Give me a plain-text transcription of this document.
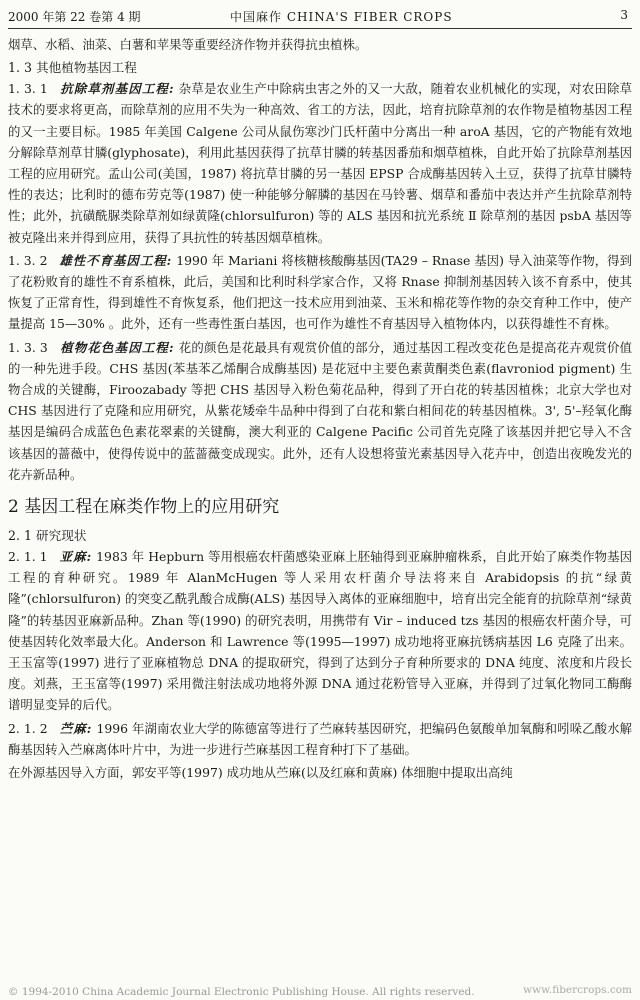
2000 年第 22 卷第 4 期	中国麻作 CHINA'S FIBER CROPS	3

烟草、水稻、油菜、白薯和苹果等重要经济作物并获得抗虫植株。

1. 3 其他植物基因工程

1. 3. 1 抗除草剂基因工程: 杂草是农业生产中除病虫害之外的又一大敌，随着农业机械化的实现，对农田除草技术的要求将更高，而除草剂的应用不失为一种高效、省工的方法，因此，培育抗除草剂的农作物是植物基因工程的又一主要目标。1985 年美国 Calgene 公司从鼠伤寒沙门氏杆菌中分离出一种 aroA 基因，它的产物能有效地分解除草剂草甘膦(glyphosate)，利用此基因获得了抗草甘膦的转基因番茄和烟草植株，自此开始了抗除草剂基因工程的应用研究。孟山公司(美国，1987) 将抗草甘膦的另一基因 EPSP 合成酶基因转入土豆，获得了抗草甘膦特性的表达；比利时的德布劳克等(1987) 使一种能够分解膦的基因在马铃薯、烟草和番茄中表达并产生抗除草剂特性；此外，抗磺酰脲类除草剂如绿黄隆(chlorsulfuron) 等的 ALS 基因和抗光系统 Ⅱ 除草剂的基因 psbA 基因等被克隆出来并得到应用，获得了具抗性的转基因烟草植株。

1. 3. 2 雄性不育基因工程: 1990 年 Mariani 将核糖核酸酶基因(TA29 – Rnase 基因) 导入油菜等作物，得到了花粉败育的雄性不育系植株，此后，美国和比利时科学家合作，又将 Rnase 抑制剂基因转入该不育系中，使其恢复了正常育性，得到雄性不育恢复系，他们把这一技术应用到油菜、玉米和棉花等作物的杂交育种工作中，使产量提高 15—30% 。此外，还有一些毒性蛋白基因，也可作为雄性不育基因导入植物体内，以获得雄性不育株。

1. 3. 3 植物花色基因工程: 花的颜色是花最具有观赏价值的部分，通过基因工程改变花色是提高花卉观赏价值的一种先进手段。CHS 基因(苯基苯乙烯酮合成酶基因) 是花冠中主要色素黄酮类色素(flavroniod pigment) 生物合成的关键酶，Firoozabady 等把 CHS 基因导入粉色菊花品种，得到了开白花的转基因植株；北京大学也对 CHS 基因进行了克隆和应用研究，从紫花矮牵牛品种中得到了白花和紫白相间花的转基因植株。3', 5'–羟氧化酶基因是编码合成蓝色色素花翠素的关键酶，澳大利亚的 Calgene Pacific 公司首先克隆了该基因并把它导入不含该基因的蔷薇中，使得传说中的蓝蔷薇变成现实。此外，还有人设想将萤光素基因导入花卉中，创造出夜晚发光的花卉新品种。

2 基因工程在麻类作物上的应用研究

2. 1 研究现状

2. 1. 1 亚麻: 1983 年 Hepburn 等用根癌农杆菌感染亚麻上胚轴得到亚麻肿瘤株系，自此开始了麻类作物基因工程的育种研究。1989 年 AlanMcHugen 等人采用农杆菌介导法将来自 Arabidopsis 的抗“绿黄隆”(chlorsulfuron) 的突变乙酰乳酸合成酶(ALS) 基因导入离体的亚麻细胞中，培育出完全能育的抗除草剂“绿黄隆”的转基因亚麻新品种。Zhan 等(1990) 的研究表明，用携带有 Vir – induced tzs 基因的根癌农杆菌介导，可使基因转化效率最大化。Anderson 和 Lawrence 等(1995—1997) 成功地将亚麻抗锈病基因 L6 克隆了出来。王玉富等(1997) 进行了亚麻植物总 DNA 的提取研究，得到了达到分子育种所要求的 DNA 纯度、浓度和片段长度。刘燕，王玉富等(1997) 采用微注射法成功地将外源 DNA 通过花粉管导入亚麻，并得到了过氧化物同工酶酶谱明显变异的后代。

2. 1. 2 苎麻: 1996 年湖南农业大学的陈德富等进行了苎麻转基因研究，把编码色氨酸单加氧酶和吲哚乙酸水解酶基因转入苎麻离体叶片中，为进一步进行苎麻基因工程育种打下了基础。

在外源基因导入方面，郭安平等(1997) 成功地从苎麻(以及红麻和黄麻) 体细胞中提取出高纯

© 1994-2010 China Academic Journal Electronic Publishing House. All rights reserved.	www.fibercrops.com
